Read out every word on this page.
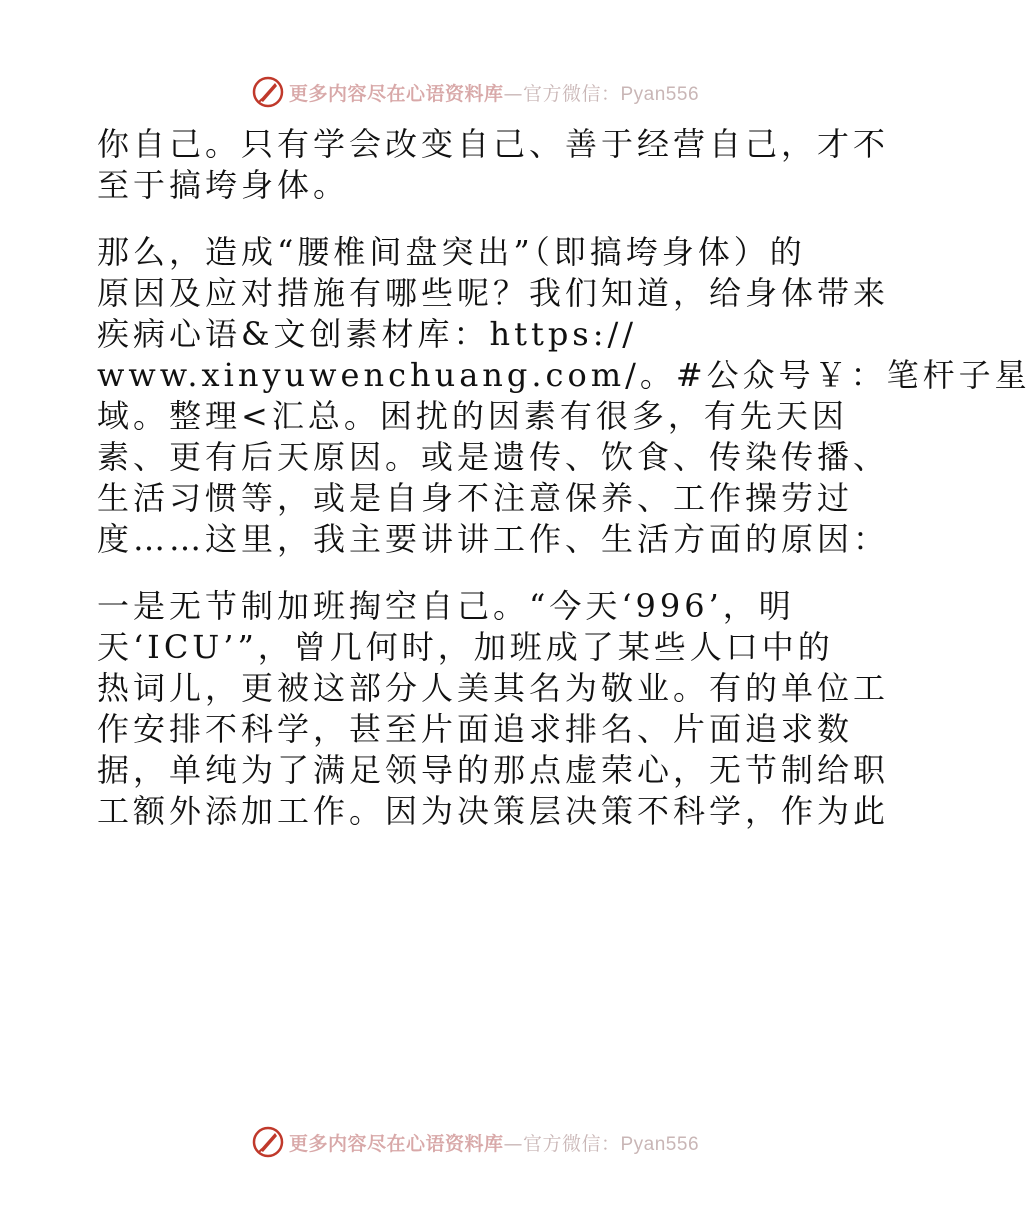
更多内容尽在心语资料库—官方微信：Pyan556
你自己。只有学会改变自己、善于经营自己，才不
至于搞垮身体。
那么，造成“腰椎间盘突出”（即搞垮身体）的
原因及应对措施有哪些呢？我们知道，给身体带来
疾病心语&文创素材库：https://
www.xinyuwenchuang.com/。#公众号￥：笔杆子星
域。整理<汇总。困扰的因素有很多，有先天因
素、更有后天原因。或是遗传、饮食、传染传播、
生活习惯等，或是自身不注意保养、工作操劳过
度……这里，我主要讲讲工作、生活方面的原因：
一是无节制加班掏空自己。“今天‘996’，明
天‘ICU’”，曾几何时，加班成了某些人口中的
热词儿，更被这部分人美其名为敬业。有的单位工
作安排不科学，甚至片面追求排名、片面追求数
据，单纯为了满足领导的那点虚荣心，无节制给职
工额外添加工作。因为决策层决策不科学，作为此
更多内容尽在心语资料库—官方微信：Pyan556
